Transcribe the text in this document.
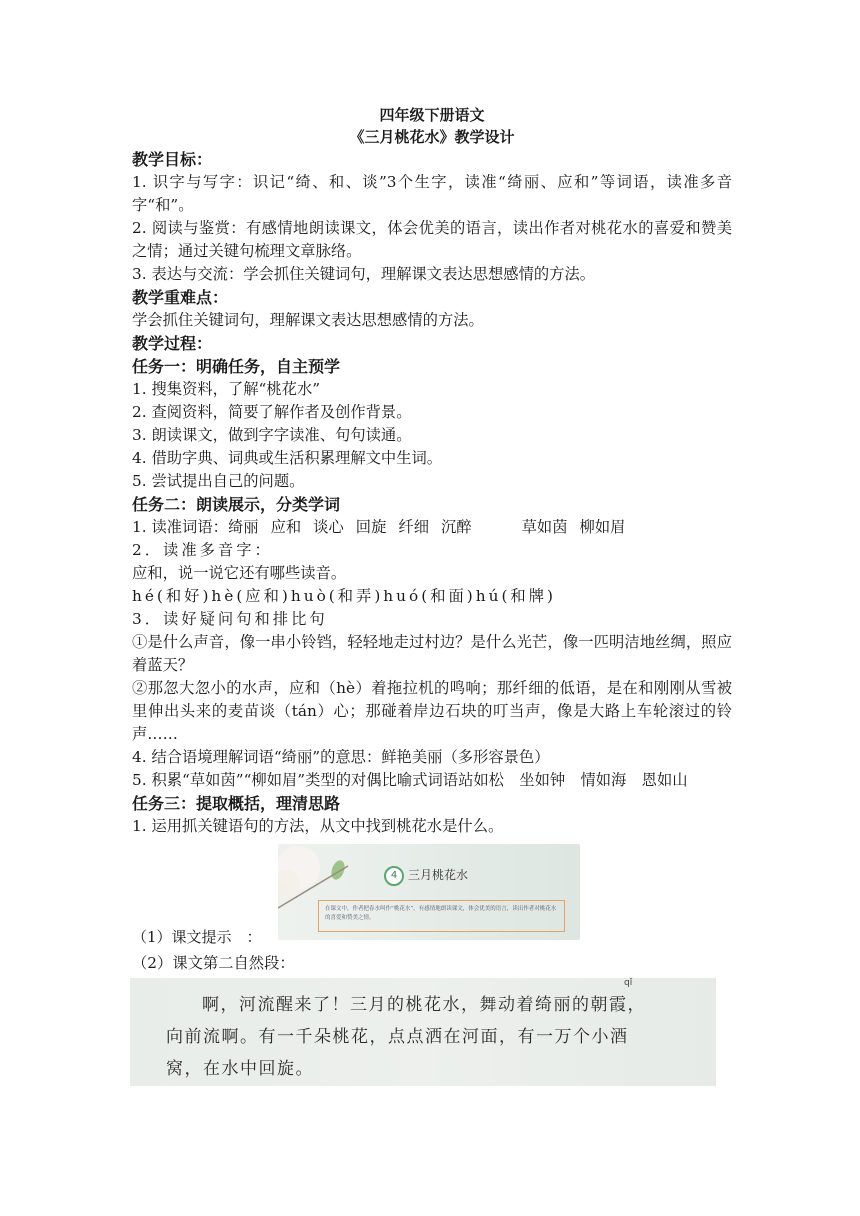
四年级下册语文
《三月桃花水》教学设计
教学目标：
1. 识字与写字：识记“绮、和、谈”3个生字，读准“绮丽、应和”等词语，读准多音字“和”。
2. 阅读与鉴赏：有感情地朗读课文，体会优美的语言，读出作者对桃花水的喜爱和赞美之情；通过关键句梳理文章脉络。
3. 表达与交流：学会抓住关键词句，理解课文表达思想感情的方法。
教学重难点：
学会抓住关键词句，理解课文表达思想感情的方法。
教学过程：
任务一：明确任务，自主预学
1. 搜集资料，了解“桃花水”
2. 查阅资料，简要了解作者及创作背景。
3. 朗读课文，做到字字读准、句句读通。
4. 借助字典、词典或生活积累理解文中生词。
5. 尝试提出自己的问题。
任务二：朗读展示，分类学词
1. 读准词语：绮丽 应和 谈心 回旋 纤细 沉醉	草如茵 柳如眉
2．读准多音字：
应和，说一说它还有哪些读音。
hé(和好)hè(应和)huò(和弄)huó(和面)hú(和牌)
3．读好疑问句和排比句
①是什么声音，像一串小铃铛，轻轻地走过村边？是什么光芒，像一匹明洁地丝绸，照应着蓝天？
②那忽大忽小的水声，应和（hè）着拖拉机的鸣响；那纤细的低语，是在和刚刚从雪被里伸出头来的麦苗谈（tán）心；那碰着岸边石块的叮当声，像是大路上车轮滚过的铃声……
4. 结合语境理解词语“绮丽”的意思：鲜艳美丽（多形容景色）
5. 积累“草如茵”“柳如眉”类型的对偶比喻式词语站如松　坐如钟　情如海　恩如山
任务三：提取概括，理清思路
1. 运用抓关键语句的方法，从文中找到桃花水是什么。
（1）课文提示　：
4 三月桃花水
在课文中，作者把春水叫作“桃花水”。有感情地朗读课文，体会优美的语言，读出作者对桃花水的喜爱和赞美之情。
（2）课文第二自然段：
qǐ
啊，河流醒来了！三月的桃花水，舞动着绮丽的朝霞，
向前流啊。有一千朵桃花，点点洒在河面，有一万个小酒
窝，在水中回旋。
